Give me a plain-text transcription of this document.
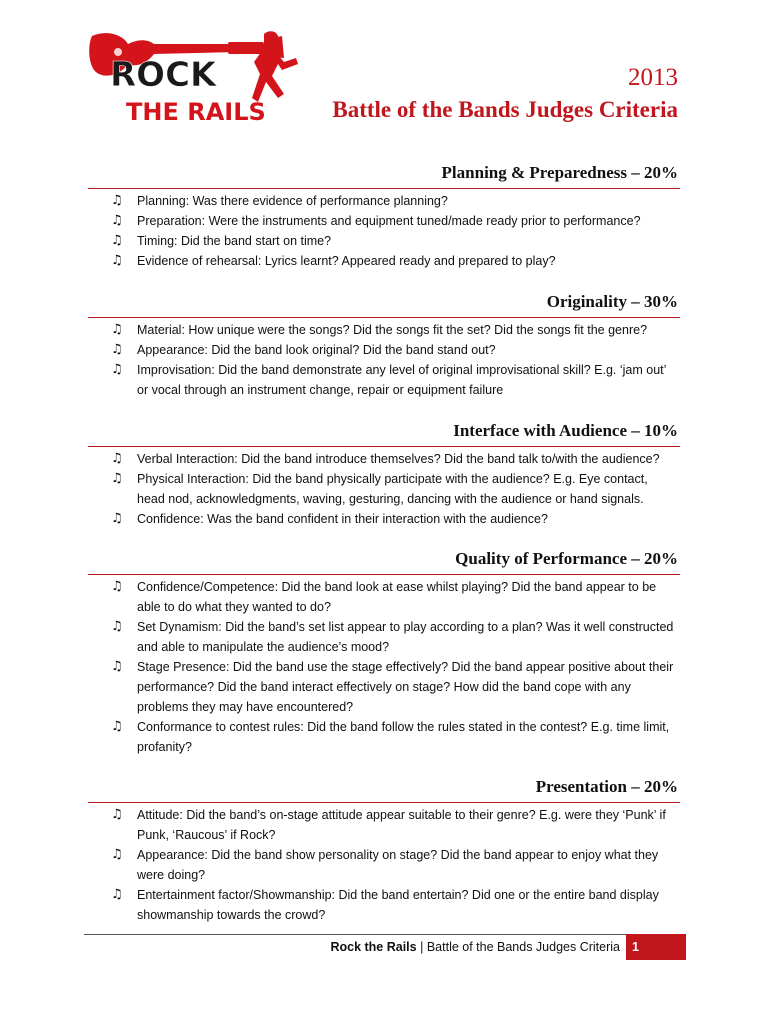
ROCK
THE RAILS
2013
Battle of the Bands Judges Criteria
Planning & Preparedness – 20%
♫ Planning: Was there evidence of performance planning?
♫ Preparation: Were the instruments and equipment tuned/made ready prior to performance?
♫ Timing: Did the band start on time?
♫ Evidence of rehearsal: Lyrics learnt? Appeared ready and prepared to play?
Originality – 30%
♫ Material: How unique were the songs? Did the songs fit the set? Did the songs fit the genre?
♫ Appearance: Did the band look original? Did the band stand out?
♫ Improvisation: Did the band demonstrate any level of original improvisational skill? E.g. ‘jam out’ or vocal through an instrument change, repair or equipment failure
Interface with Audience – 10%
♫ Verbal Interaction: Did the band introduce themselves? Did the band talk to/with the audience?
♫ Physical Interaction: Did the band physically participate with the audience? E.g. Eye contact, head nod, acknowledgments, waving, gesturing, dancing with the audience or hand signals.
♫ Confidence: Was the band confident in their interaction with the audience?
Quality of Performance – 20%
♫ Confidence/Competence: Did the band look at ease whilst playing? Did the band appear to be able to do what they wanted to do?
♫ Set Dynamism: Did the band’s set list appear to play according to a plan? Was it well constructed and able to manipulate the audience’s mood?
♫ Stage Presence: Did the band use the stage effectively? Did the band appear positive about their performance? Did the band interact effectively on stage? How did the band cope with any problems they may have encountered?
♫ Conformance to contest rules: Did the band follow the rules stated in the contest? E.g. time limit, profanity?
Presentation – 20%
♫ Attitude: Did the band’s on-stage attitude appear suitable to their genre? E.g. were they ‘Punk’ if Punk, ‘Raucous’ if Rock?
♫ Appearance: Did the band show personality on stage? Did the band appear to enjoy what they were doing?
♫ Entertainment factor/Showmanship: Did the band entertain? Did one or the entire band display showmanship towards the crowd?
Rock the Rails | Battle of the Bands Judges Criteria 1
